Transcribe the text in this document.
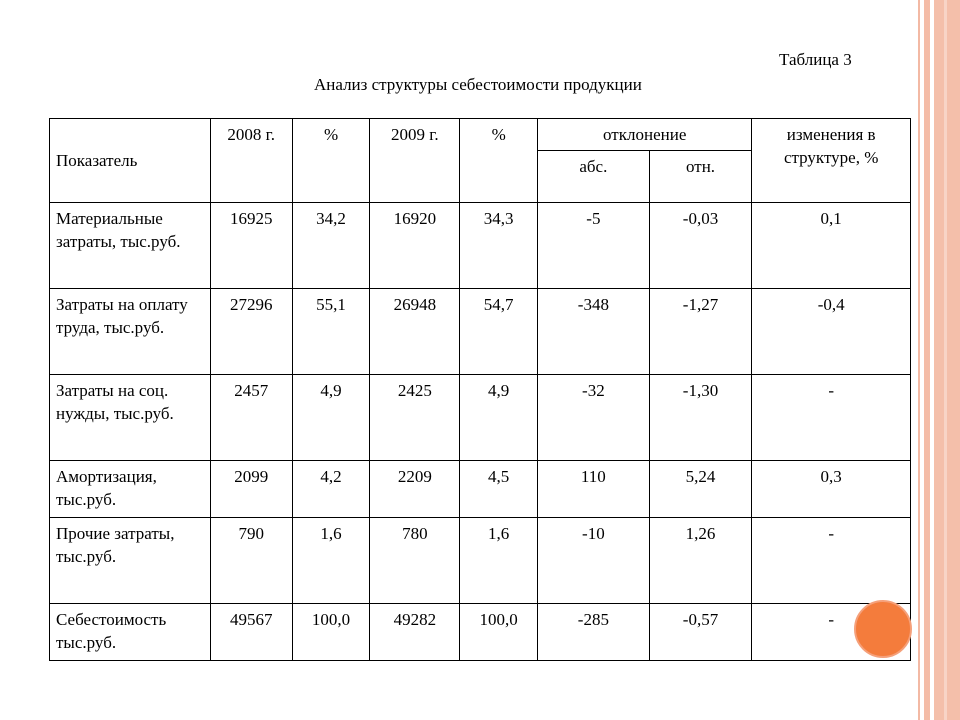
Таблица 3
Анализ структуры себестоимости продукции
Показатель	2008 г.	%	2009 г.	%	отклонение		изменения в структуре, %
					абс.	отн.	
Материальные затраты, тыс.руб.	16925	34,2	16920	34,3	-5	-0,03	0,1
Затраты на оплату труда, тыс.руб.	27296	55,1	26948	54,7	-348	-1,27	-0,4
Затраты на соц. нужды, тыс.руб.	2457	4,9	2425	4,9	-32	-1,30	-
Амортизация, тыс.руб.	2099	4,2	2209	4,5	110	5,24	0,3
Прочие затраты, тыс.руб.	790	1,6	780	1,6	-10	1,26	-
Себестоимость тыс.руб.	49567	100,0	49282	100,0	-285	-0,57	-
